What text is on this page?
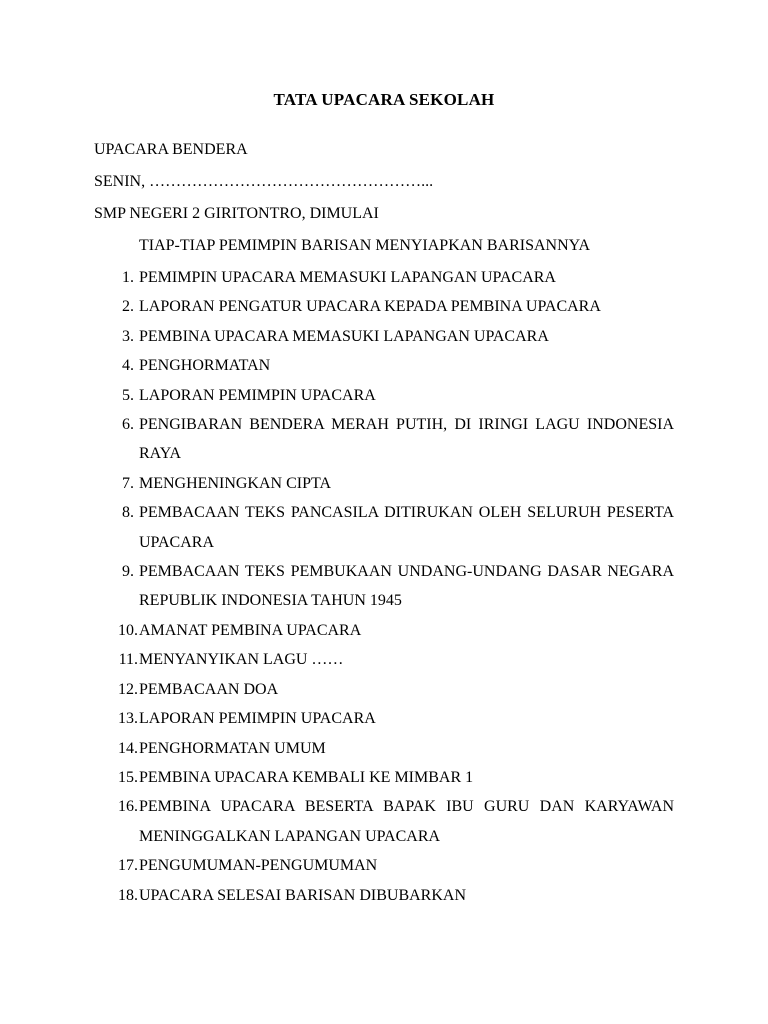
TATA UPACARA SEKOLAH
UPACARA BENDERA
SENIN, ……………………………………………...
SMP NEGERI 2 GIRITONTRO, DIMULAI
TIAP-TIAP PEMIMPIN BARISAN MENYIAPKAN BARISANNYA
1. PEMIMPIN UPACARA MEMASUKI LAPANGAN UPACARA
2. LAPORAN PENGATUR UPACARA KEPADA PEMBINA UPACARA
3. PEMBINA UPACARA MEMASUKI LAPANGAN UPACARA
4. PENGHORMATAN
5. LAPORAN PEMIMPIN UPACARA
6. PENGIBARAN BENDERA MERAH PUTIH, DI IRINGI LAGU INDONESIA RAYA
7. MENGHENINGKAN CIPTA
8. PEMBACAAN TEKS PANCASILA DITIRUKAN OLEH SELURUH PESERTA UPACARA
9. PEMBACAAN TEKS PEMBUKAAN UNDANG-UNDANG DASAR NEGARA REPUBLIK INDONESIA TAHUN 1945
10. AMANAT PEMBINA UPACARA
11. MENYANYIKAN LAGU ……
12. PEMBACAAN DOA
13. LAPORAN PEMIMPIN UPACARA
14. PENGHORMATAN UMUM
15. PEMBINA UPACARA KEMBALI KE MIMBAR 1
16. PEMBINA UPACARA BESERTA BAPAK IBU GURU DAN KARYAWAN MENINGGALKAN LAPANGAN UPACARA
17. PENGUMUMAN-PENGUMUMAN
18. UPACARA SELESAI BARISAN DIBUBARKAN
